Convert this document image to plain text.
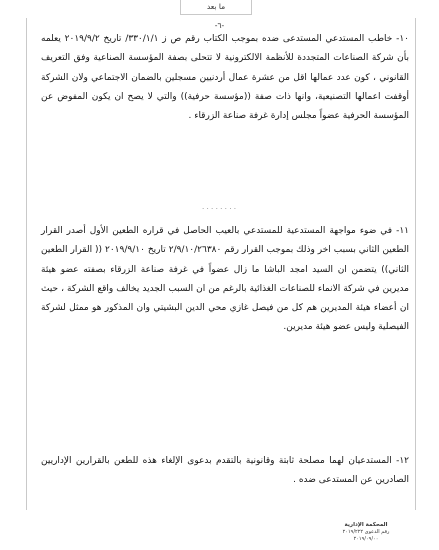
ما بعد
-٦-

١٠- خاطب المستدعي المستدعى ضده بموجب الكتاب رقم ص ز ٣٣٠/١/١/ تاريخ ٢٠١٩/٩/٢ يعلمه بأن شركة الصناعات المتجددة للأنظمة الالكترونية لا تتحلى بصفة المؤسسة الصناعية وفق التعريف القانوني ، كون عدد عمالها اقل من عشرة عمال أردنيين مسجلين بالضمان الاجتماعي ولان الشركة أوقفت اعمالها التصنيعية، وانها ذات صفة ((مؤسسة حرفية)) والتي لا يصح ان يكون المفوض عن المؤسسة الحرفية عضواً مجلس إدارة غرفة صناعة الزرقاء .

........

١١- في ضوء مواجهة المستدعية للمستدعي بالعيب الحاصل في قراره الطعين الأول أصدر القرار الطعين الثاني بسبب اخر وذلك بموجب القرار رقم ٢/٩/١٠/٢٦٣٨٠ تاريخ ٢٠١٩/٩/١٠ (( القرار الطعين الثاني)) يتضمن ان السيد امجد الباشا ما زال عضواً في غرفة صناعة الزرقاء بصفته عضو هيئة مديرين في شركة الانماء للصناعات الغذائية بالرغم من ان السبب الجديد يخالف واقع الشركة ، حيث ان أعضاء هيئة المديرين هم كل من فيصل غازي محي الدين البشيتي وان المذكور هو ممثل لشركة الفيصلية وليس عضو هيئة مديرين.

١٢- المستدعيان لهما مصلحة ثابتة وقانونية بالتقدم بدعوى الإلغاء هذه للطعن بالقرارين الإداريين الصادرين عن المستدعى ضده .

المحكمة الإدارية
رقم الدعوى ٢٠١٩/٢٢٢
٢٠١٩/٠٩/٠٠
